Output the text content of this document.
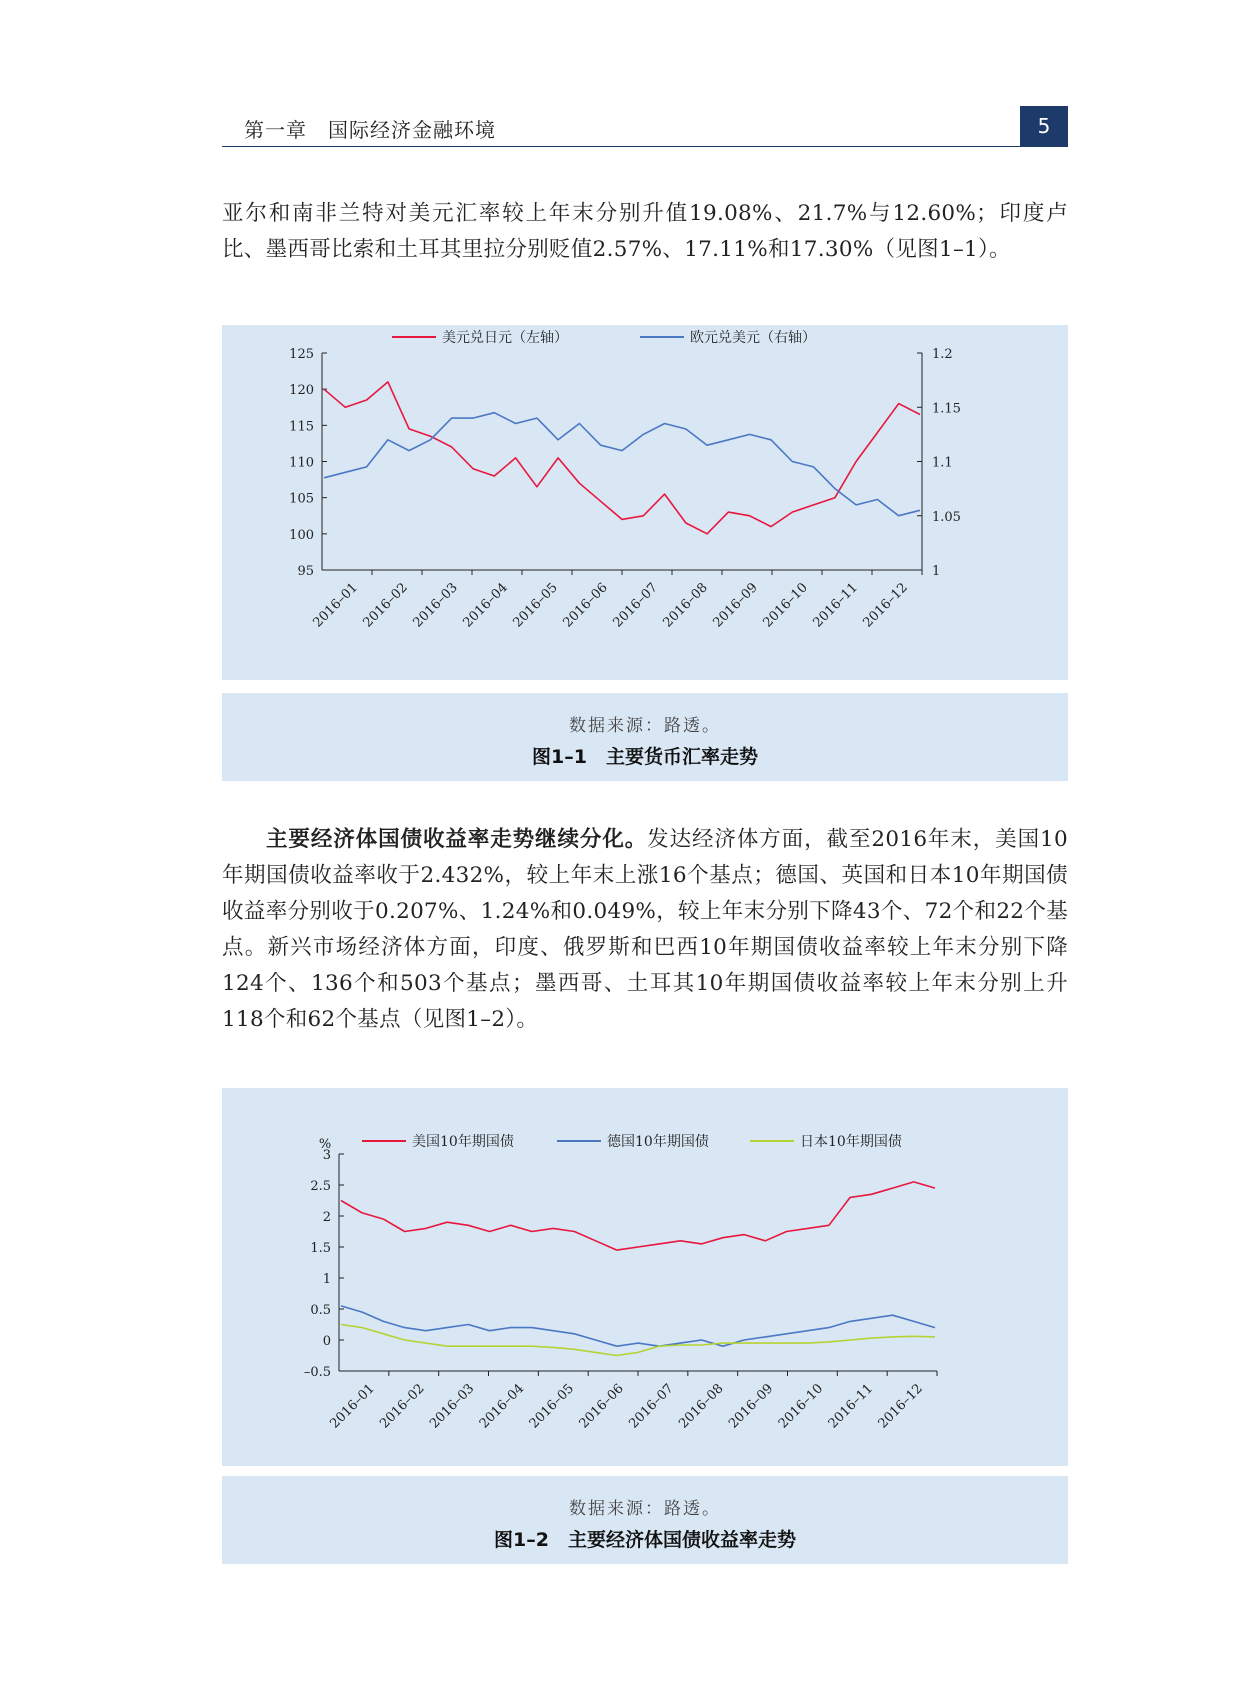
第一章　 国际经济金融环境	5
亚尔和南非兰特对美元汇率较上年末分别升值19.08%、21.7%与12.60%；印度卢比、墨西哥比索和土耳其里拉分别贬值2.57%、17.11%和17.30%（见图1–1）。
125
120
115
110
105
100
95
1.2
1.15
1.1
1.05
1
2016–01 2016–02 2016–03 2016–04 2016–05 2016–06 2016–07 2016–08 2016–09 2016–10 2016–11 2016–12
美元兑日元（左轴）	欧元兑美元（右轴）
数据来源：路透。
图1–1　主要货币汇率走势
主要经济体国债收益率走势继续分化。发达经济体方面，截至2016年末，美国10年期国债收益率收于2.432%，较上年末上涨16个基点；德国、英国和日本10年期国债收益率分别收于0.207%、1.24%和0.049%，较上年末分别下降43个、72个和22个基点。新兴市场经济体方面，印度、俄罗斯和巴西10年期国债收益率较上年末分别下降124个、136个和503个基点；墨西哥、土耳其10年期国债收益率较上年末分别上升118个和62个基点（见图1–2）。
3
2.5
2
1.5
1
0.5
0
–0.5
%
2016–01 2016–02 2016–03 2016–04 2016–05 2016–06 2016–07 2016–08 2016–09 2016–10 2016–11 2016–12
美国10年期国债	德国10年期国债	日本10年期国债
数据来源：路透。
图1–2　主要经济体国债收益率走势
